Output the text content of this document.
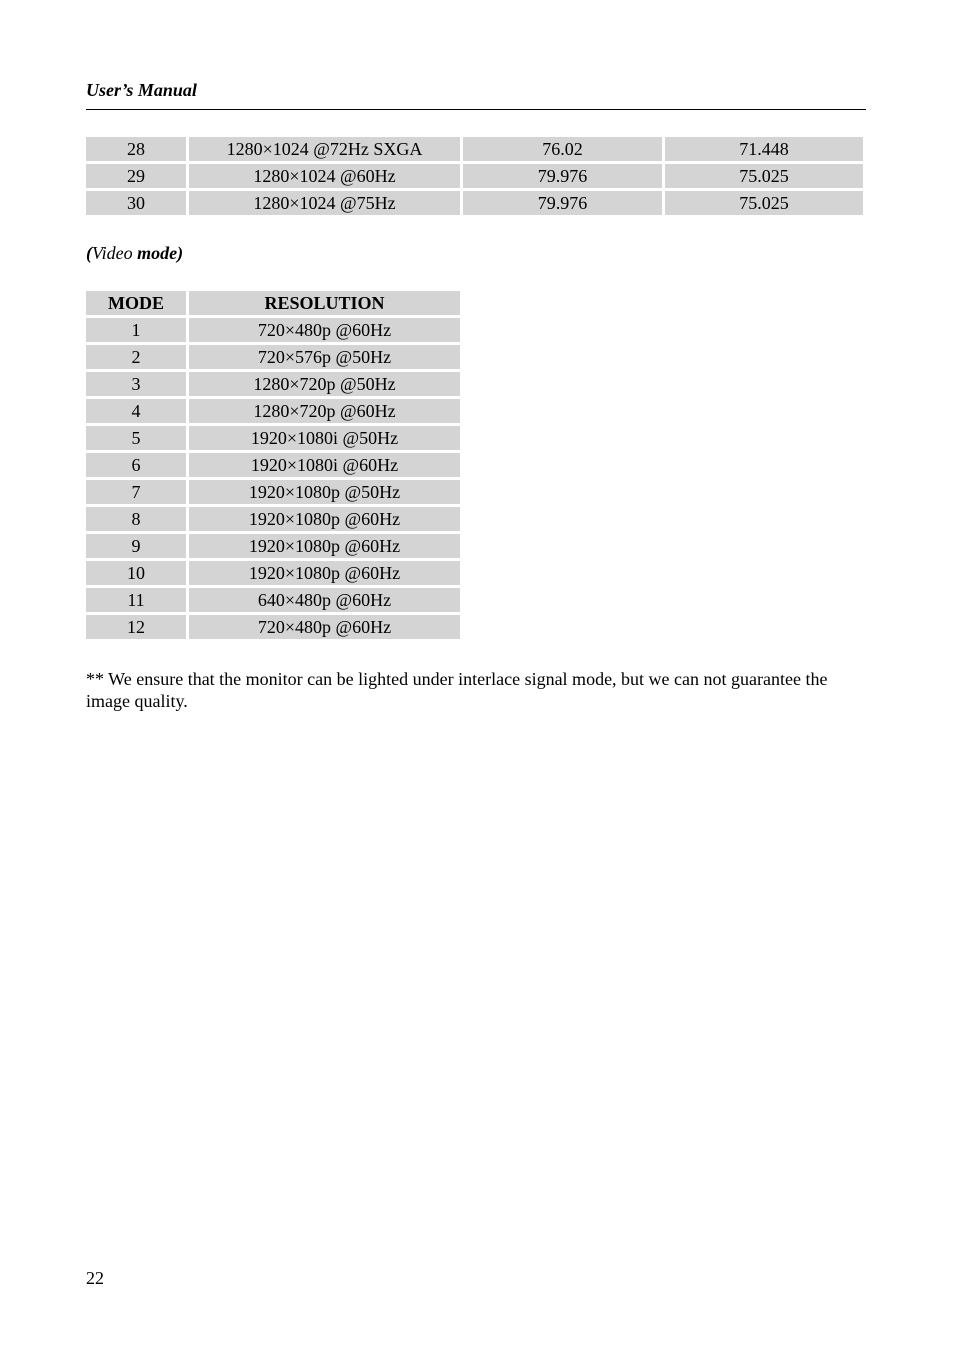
User’s Manual
28	1280×1024 @72Hz SXGA	76.02	71.448
29	1280×1024 @60Hz	79.976	75.025
30	1280×1024 @75Hz	79.976	75.025
(Video mode)
MODE	RESOLUTION
1	720×480p @60Hz
2	720×576p @50Hz
3	1280×720p @50Hz
4	1280×720p @60Hz
5	1920×1080i @50Hz
6	1920×1080i @60Hz
7	1920×1080p @50Hz
8	1920×1080p @60Hz
9	1920×1080p @60Hz
10	1920×1080p @60Hz
11	640×480p @60Hz
12	720×480p @60Hz
** We ensure that the monitor can be lighted under interlace signal mode, but we can not guarantee the image quality.
22
